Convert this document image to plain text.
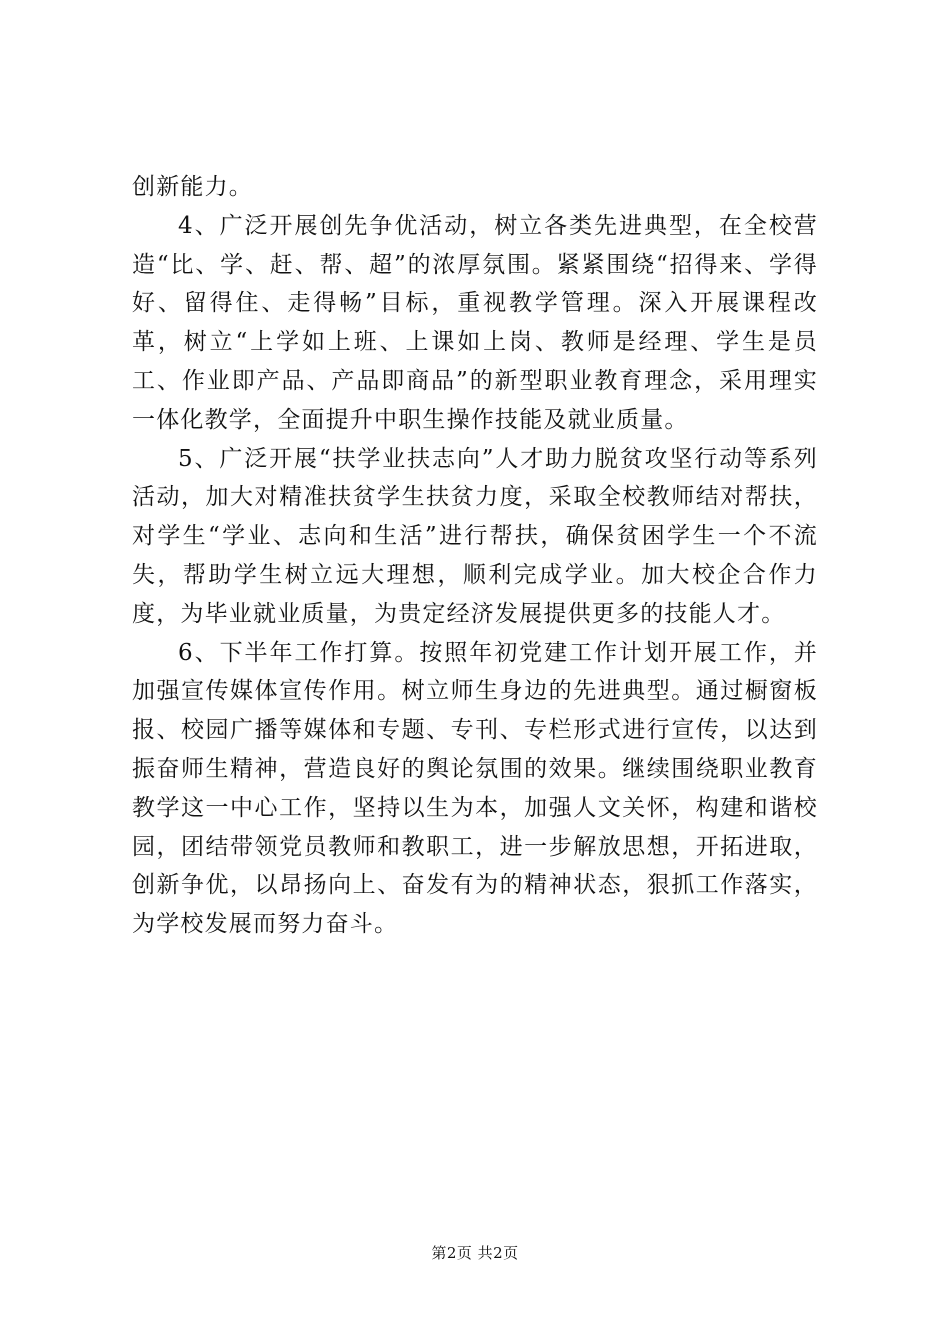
创新能力。

4、广泛开展创先争优活动，树立各类先进典型，在全校营造“比、学、赶、帮、超”的浓厚氛围。紧紧围绕“招得来、学得好、留得住、走得畅”目标，重视教学管理。深入开展课程改革，树立“上学如上班、上课如上岗、教师是经理、学生是员工、作业即产品、产品即商品”的新型职业教育理念，采用理实一体化教学，全面提升中职生操作技能及就业质量。

5、广泛开展“扶学业扶志向”人才助力脱贫攻坚行动等系列活动，加大对精准扶贫学生扶贫力度，采取全校教师结对帮扶，对学生“学业、志向和生活”进行帮扶，确保贫困学生一个不流失，帮助学生树立远大理想，顺利完成学业。加大校企合作力度，为毕业就业质量，为贵定经济发展提供更多的技能人才。

6、下半年工作打算。按照年初党建工作计划开展工作，并加强宣传媒体宣传作用。树立师生身边的先进典型。通过橱窗板报、校园广播等媒体和专题、专刊、专栏形式进行宣传，以达到振奋师生精神，营造良好的舆论氛围的效果。继续围绕职业教育教学这一中心工作，坚持以生为本，加强人文关怀，构建和谐校园，团结带领党员教师和教职工，进一步解放思想，开拓进取，创新争优，以昂扬向上、奋发有为的精神状态，狠抓工作落实，为学校发展而努力奋斗。

第2页 共2页
